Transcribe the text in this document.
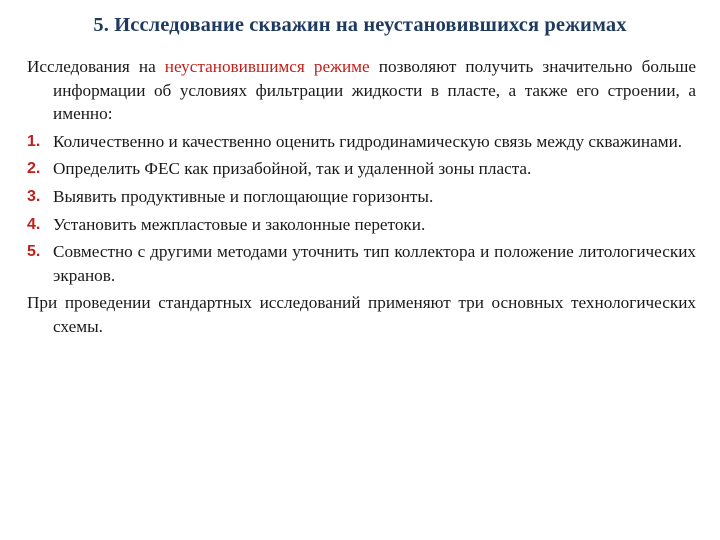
5. Исследование скважин на неустановившихся режимах

Исследования на неустановившимся режиме позволяют получить значительно больше информации об условиях фильтрации жидкости в пласте, а также его строении, а именно:

1. Количественно и качественно оценить гидродинамическую связь между скважинами.
2. Определить ФЕС как призабойной, так и удаленной зоны пласта.
3. Выявить продуктивные и поглощающие горизонты.
4. Установить межпластовые и заколонные перетоки.
5. Совместно с другими методами уточнить тип коллектора и положение литологических экранов.

При проведении стандартных исследований применяют три основных технологических схемы.
